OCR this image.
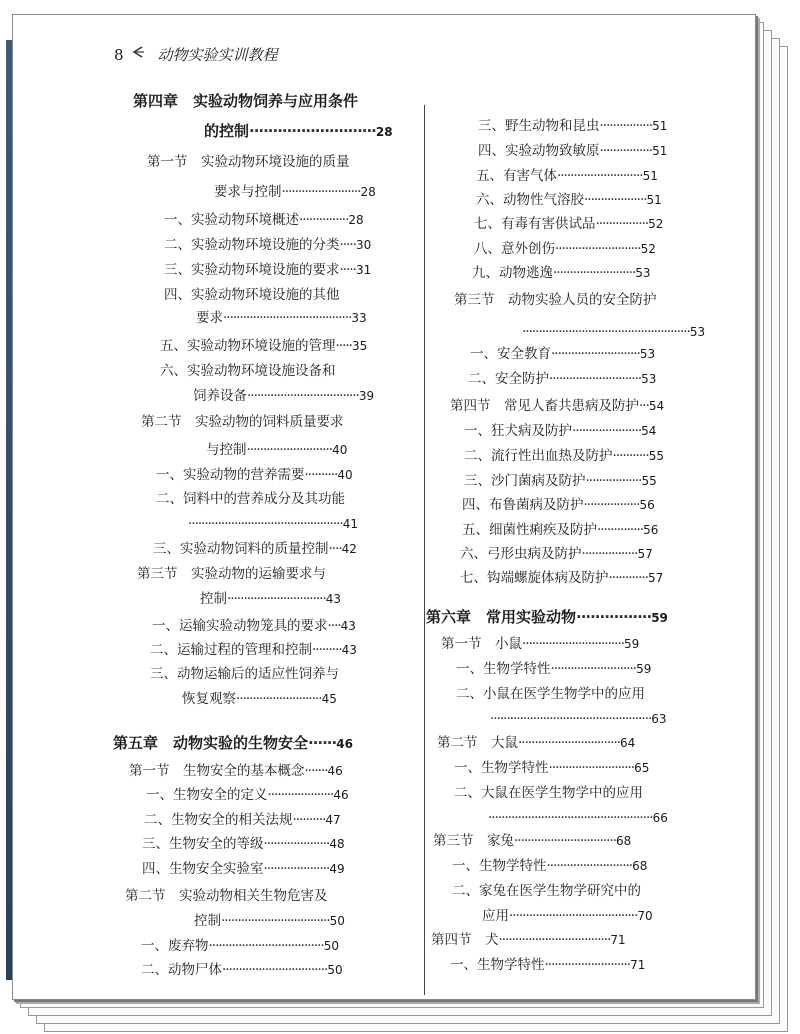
8 动物实验实训教程
第四章　实验动物饲养与应用条件
的控制···························28
第一节　实验动物环境设施的质量
要求与控制························28
一、实验动物环境概述···············28
二、实验动物环境设施的分类·····30
三、实验动物环境设施的要求·····31
四、实验动物环境设施的其他
要求·······································33
五、实验动物环境设施的管理·····35
六、实验动物环境设施设备和
饲养设备··································39
第二节　实验动物的饲料质量要求
与控制··························40
一、实验动物的营养需要··········40
二、饲料中的营养成分及其功能
···············································41
三、实验动物饲料的质量控制····42
第三节　实验动物的运输要求与
控制······························43
一、运输实验动物笼具的要求····43
二、运输过程的管理和控制·········43
三、动物运输后的适应性饲养与
恢复观察··························45
第五章　动物实验的生物安全······46
第一节　生物安全的基本概念·······46
一、生物安全的定义····················46
二、生物安全的相关法规··········47
三、生物安全的等级····················48
四、生物安全实验室····················49
第二节　实验动物相关生物危害及
控制·································50
一、废弃物···································50
二、动物尸体································50
三、野生动物和昆虫················51
四、实验动物致敏原················51
五、有害气体··························51
六、动物性气溶胶···················51
七、有毒有害供试品················52
八、意外创伤··························52
九、动物逃逸·························53
第三节　动物实验人员的安全防护
···················································53
一、安全教育···························53
二、安全防护····························53
第四节　常见人畜共患病及防护···54
一、狂犬病及防护·····················54
二、流行性出血热及防护···········55
三、沙门菌病及防护·················55
四、布鲁菌病及防护·················56
五、细菌性痢疾及防护··············56
六、弓形虫病及防护·················57
七、钩端螺旋体病及防护············57
第六章　常用实验动物················59
第一节　小鼠·······························59
一、生物学特性··························59
二、小鼠在医学生物学中的应用
·················································63
第二节　大鼠·······························64
一、生物学特性··························65
二、大鼠在医学生物学中的应用
··················································66
第三节　家兔·······························68
一、生物学特性··························68
二、家兔在医学生物学研究中的
应用·······································70
第四节　犬··································71
一、生物学特性··························71
